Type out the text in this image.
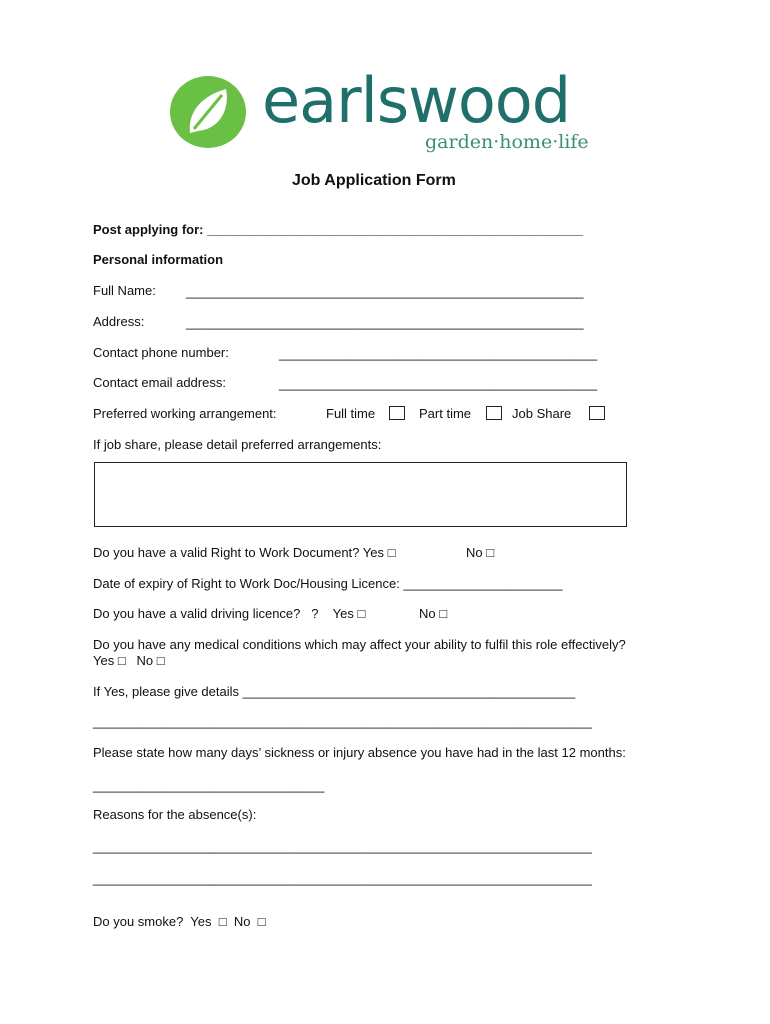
earlswood
garden·home·life
Job Application Form
Post applying for: ____________________________________________________
Personal information
Full Name: _______________________________________________________
Address:	_______________________________________________________
Contact phone number:	____________________________________________
Contact email address:	____________________________________________
Preferred working arrangement:	Full time	Part time	Job Share
If job share, please detail preferred arrangements:
Do you have a valid Right to Work Document? Yes □	No □
Date of expiry of Right to Work Doc/Housing Licence: ______________________
Do you have a valid driving licence?   ?    Yes □	No □
Do you have any medical conditions which may affect your ability to fulfil this role effectively?
Yes □   No □
If Yes, please give details ______________________________________________
_____________________________________________________________________
Please state how many days’ sickness or injury absence you have had in the last 12 months:
________________________________
Reasons for the absence(s):
_____________________________________________________________________
_____________________________________________________________________
Do you smoke?  Yes  □  No  □
